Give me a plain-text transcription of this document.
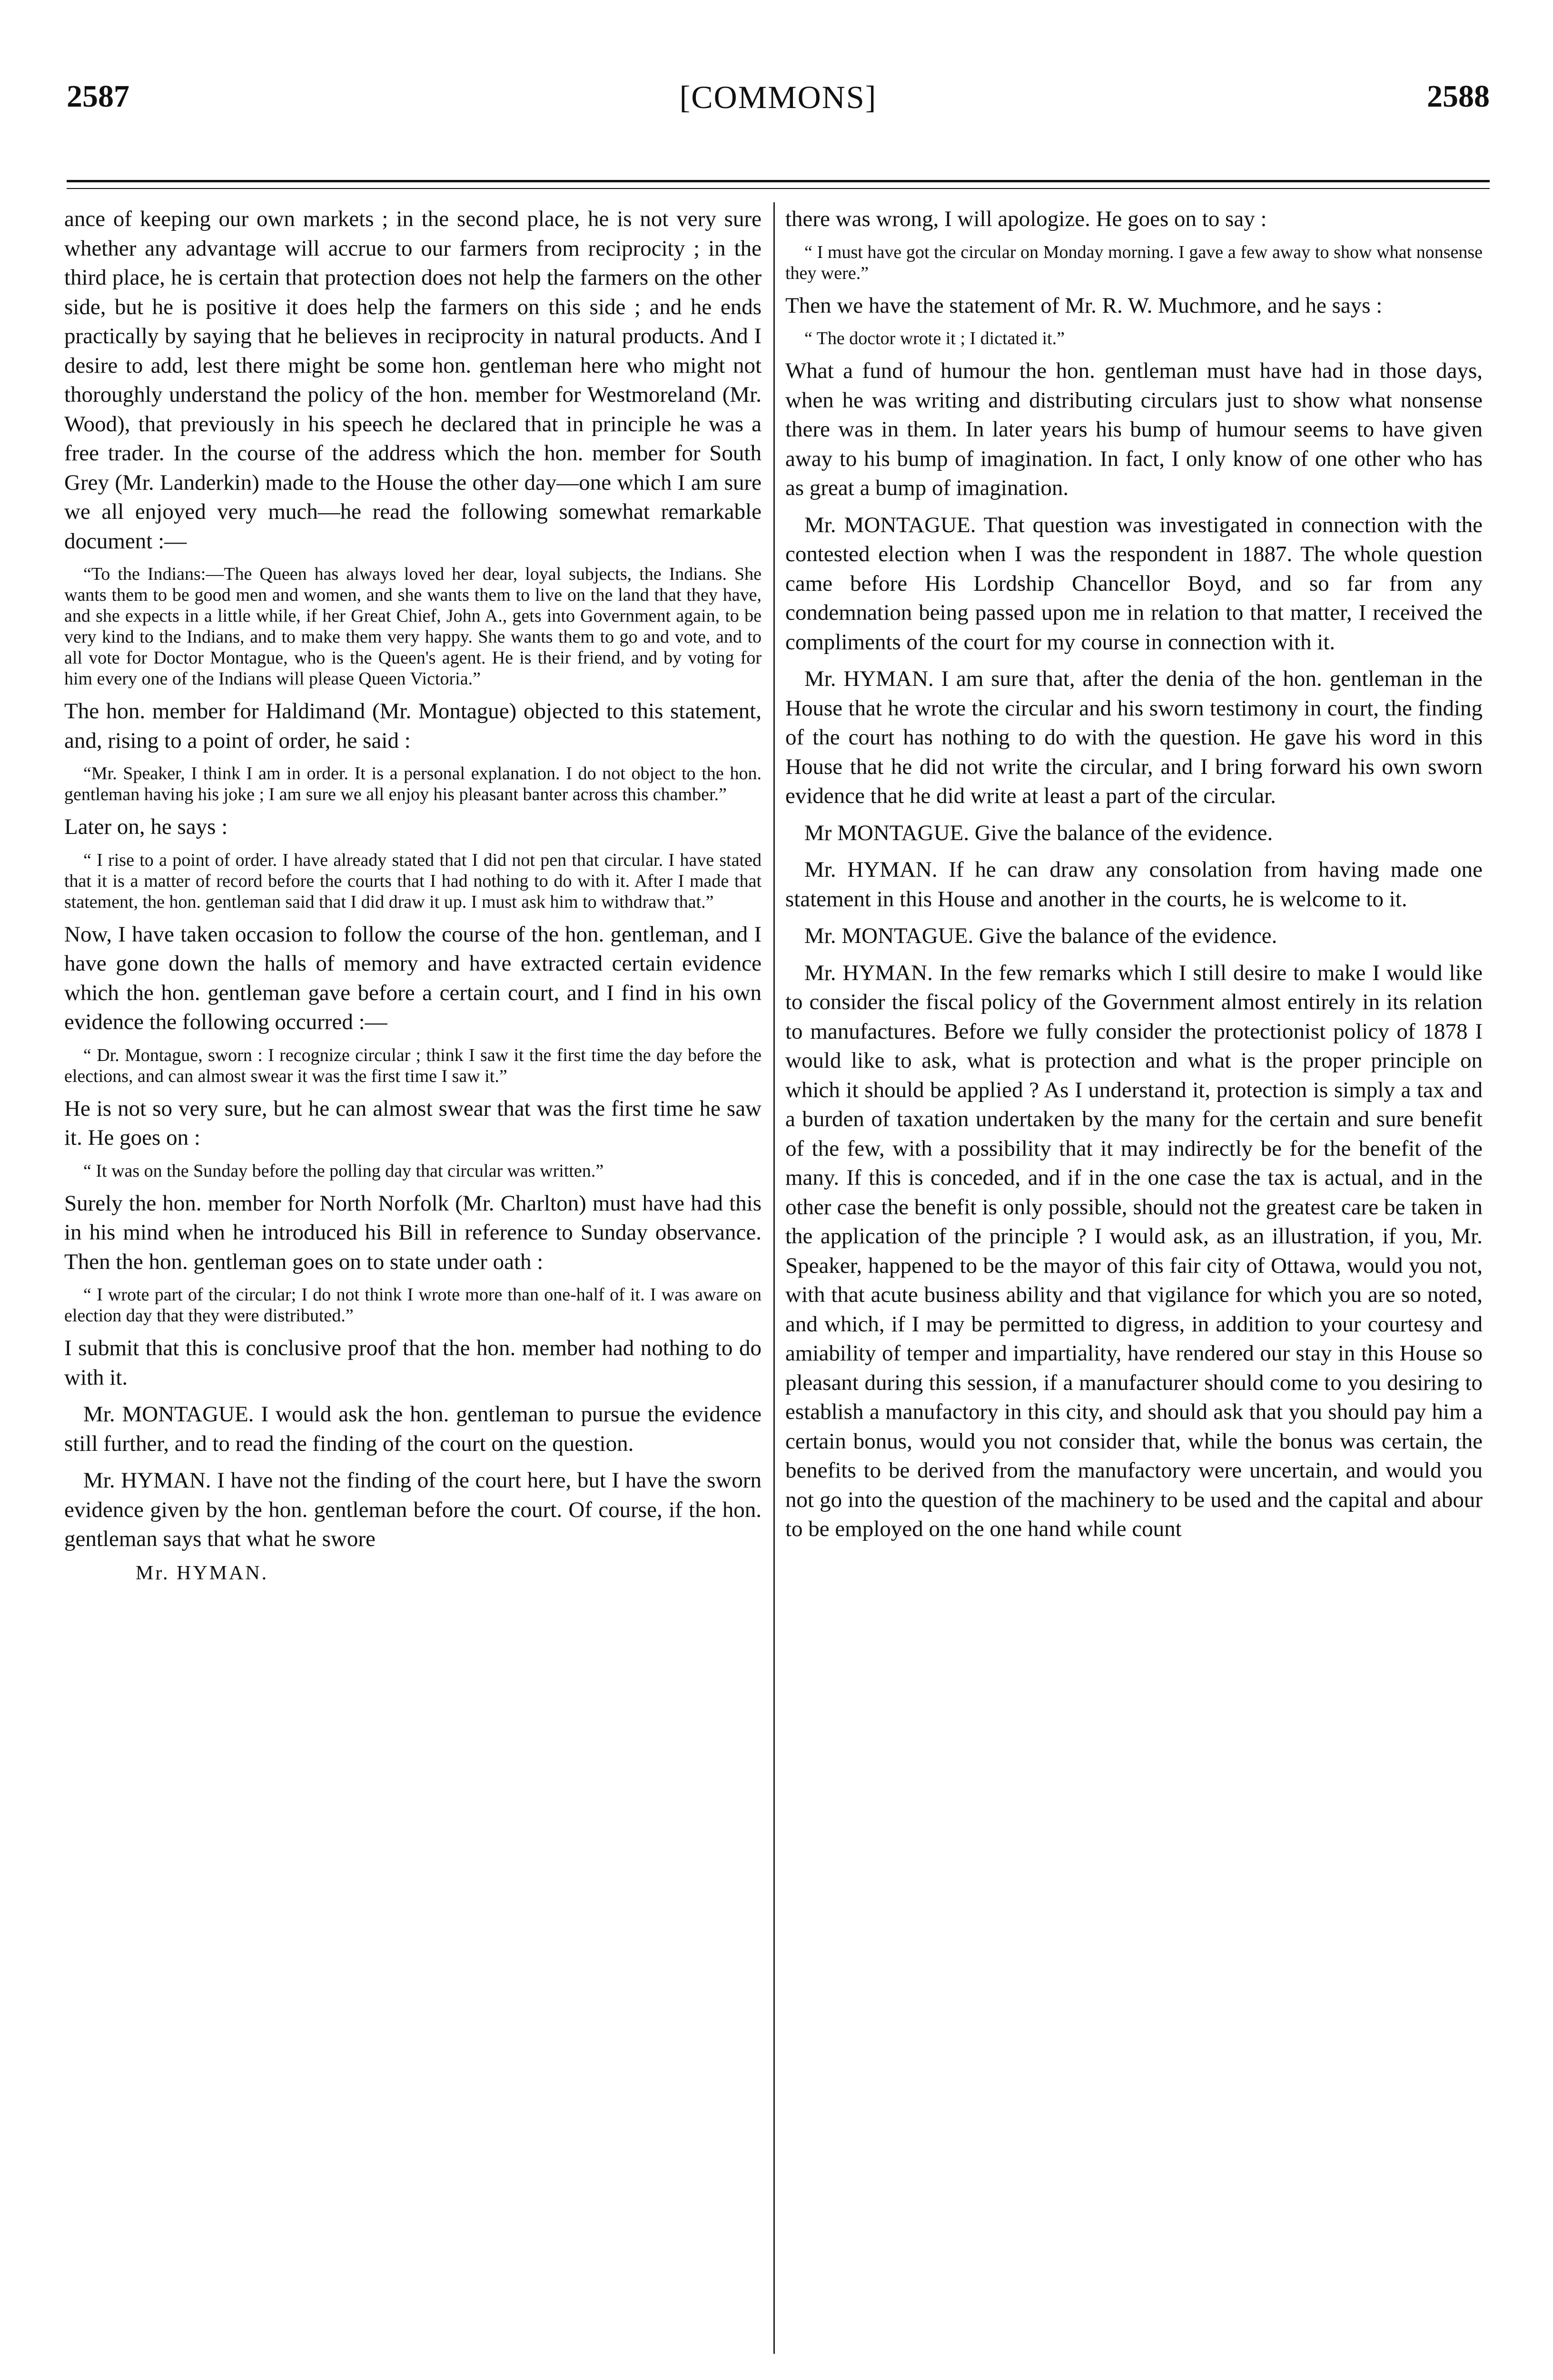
2587	[COMMONS]	2588

ance of keeping our own markets ; in the second place, he is not very sure whether any advantage will accrue to our farmers from reciprocity ; in the third place, he is certain that protection does not help the farmers on the other side, but he is positive it does help the farmers on this side ; and he ends practically by saying that he believes in reciprocity in natural products. And I desire to add, lest there might be some hon. gentleman here who might not thoroughly understand the policy of the hon. member for Westmoreland (Mr. Wood), that previously in his speech he declared that in principle he was a free trader. In the course of the address which the hon. member for South Grey (Mr. Landerkin) made to the House the other day—one which I am sure we all enjoyed very much—he read the following somewhat remarkable document :—

“To the Indians:—The Queen has always loved her dear, loyal subjects, the Indians. She wants them to be good men and women, and she wants them to live on the land that they have, and she expects in a little while, if her Great Chief, John A., gets into Government again, to be very kind to the Indians, and to make them very happy. She wants them to go and vote, and to all vote for Doctor Montague, who is the Queen's agent. He is their friend, and by voting for him every one of the Indians will please Queen Victoria.”

The hon. member for Haldimand (Mr. Montague) objected to this statement, and, rising to a point of order, he said :

“Mr. Speaker, I think I am in order. It is a personal explanation. I do not object to the hon. gentleman having his joke ; I am sure we all enjoy his pleasant banter across this chamber.”

Later on, he says :

“ I rise to a point of order. I have already stated that I did not pen that circular. I have stated that it is a matter of record before the courts that I had nothing to do with it. After I made that statement, the hon. gentleman said that I did draw it up. I must ask him to withdraw that.”

Now, I have taken occasion to follow the course of the hon. gentleman, and I have gone down the halls of memory and have extracted certain evidence which the hon. gentleman gave before a certain court, and I find in his own evidence the following occurred :—

“ Dr. Montague, sworn : I recognize circular ; think I saw it the first time the day before the elections, and can almost swear it was the first time I saw it.”

He is not so very sure, but he can almost swear that was the first time he saw it. He goes on :

“ It was on the Sunday before the polling day that circular was written.”

Surely the hon. member for North Norfolk (Mr. Charlton) must have had this in his mind when he introduced his Bill in reference to Sunday observance. Then the hon. gentleman goes on to state under oath :

“ I wrote part of the circular; I do not think I wrote more than one-half of it. I was aware on election day that they were distributed.”

I submit that this is conclusive proof that the hon. member had nothing to do with it.

Mr. MONTAGUE. I would ask the hon. gentleman to pursue the evidence still further, and to read the finding of the court on the question.

Mr. HYMAN. I have not the finding of the court here, but I have the sworn evidence given by the hon. gentleman before the court. Of course, if the hon. gentleman says that what he swore

Mr. HYMAN.

there was wrong, I will apologize. He goes on to say :

“ I must have got the circular on Monday morning. I gave a few away to show what nonsense they were.”

Then we have the statement of Mr. R. W. Muchmore, and he says :

“ The doctor wrote it ; I dictated it.”

What a fund of humour the hon. gentleman must have had in those days, when he was writing and distributing circulars just to show what nonsense there was in them. In later years his bump of humour seems to have given away to his bump of imagination. In fact, I only know of one other who has as great a bump of imagination.

Mr. MONTAGUE. That question was investigated in connection with the contested election when I was the respondent in 1887. The whole question came before His Lordship Chancellor Boyd, and so far from any condemnation being passed upon me in relation to that matter, I received the compliments of the court for my course in connection with it.

Mr. HYMAN. I am sure that, after the denia of the hon. gentleman in the House that he wrote the circular and his sworn testimony in court, the finding of the court has nothing to do with the question. He gave his word in this House that he did not write the circular, and I bring forward his own sworn evidence that he did write at least a part of the circular.

Mr MONTAGUE. Give the balance of the evidence.

Mr. HYMAN. If he can draw any consolation from having made one statement in this House and another in the courts, he is welcome to it.

Mr. MONTAGUE. Give the balance of the evidence.

Mr. HYMAN. In the few remarks which I still desire to make I would like to consider the fiscal policy of the Government almost entirely in its relation to manufactures. Before we fully consider the protectionist policy of 1878 I would like to ask, what is protection and what is the proper principle on which it should be applied ? As I understand it, protection is simply a tax and a burden of taxation undertaken by the many for the certain and sure benefit of the few, with a possibility that it may indirectly be for the benefit of the many. If this is conceded, and if in the one case the tax is actual, and in the other case the benefit is only possible, should not the greatest care be taken in the application of the principle ? I would ask, as an illustration, if you, Mr. Speaker, happened to be the mayor of this fair city of Ottawa, would you not, with that acute business ability and that vigilance for which you are so noted, and which, if I may be permitted to digress, in addition to your courtesy and amiability of temper and impartiality, have rendered our stay in this House so pleasant during this session, if a manufacturer should come to you desiring to establish a manufactory in this city, and should ask that you should pay him a certain bonus, would you not consider that, while the bonus was certain, the benefits to be derived from the manufactory were uncertain, and would you not go into the question of the machinery to be used and the capital and abour to be employed on the one hand while count
